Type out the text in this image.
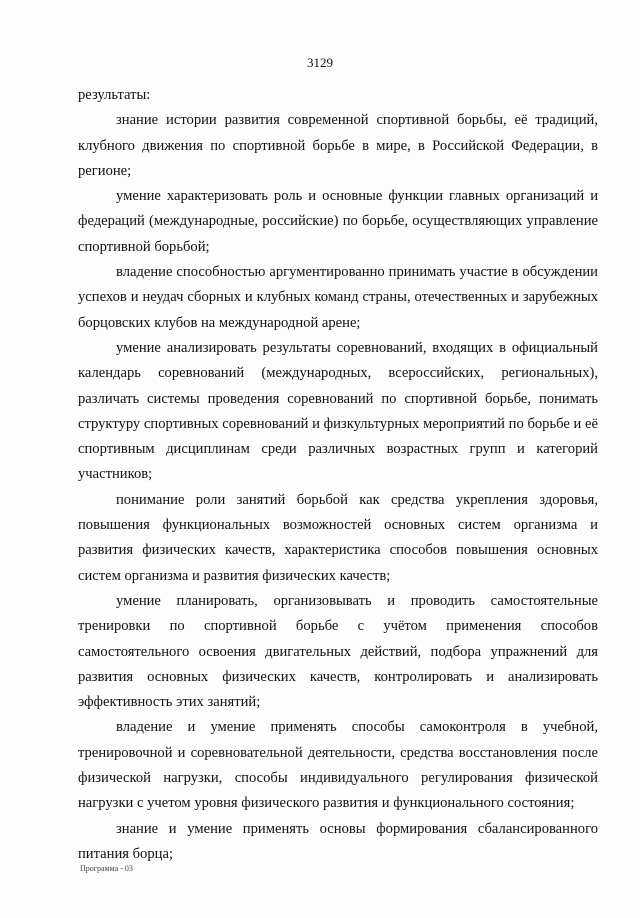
3129

результаты:

знание истории развития современной спортивной борьбы, её традиций, клубного движения по спортивной борьбе в мире, в Российской Федерации, в регионе;

умение характеризовать роль и основные функции главных организаций и федераций (международные, российские) по борьбе, осуществляющих управление спортивной борьбой;

владение способностью аргументированно принимать участие в обсуждении успехов и неудач сборных и клубных команд страны, отечественных и зарубежных борцовских клубов на международной арене;

умение анализировать результаты соревнований, входящих в официальный календарь соревнований (международных, всероссийских, региональных), различать системы проведения соревнований по спортивной борьбе, понимать структуру спортивных соревнований и физкультурных мероприятий по борьбе и её спортивным дисциплинам среди различных возрастных групп и категорий участников;

понимание роли занятий борьбой как средства укрепления здоровья, повышения функциональных возможностей основных систем организма и развития физических качеств, характеристика способов повышения основных систем организма и развития физических качеств;

умение планировать, организовывать и проводить самостоятельные тренировки по спортивной борьбе с учётом применения способов самостоятельного освоения двигательных действий, подбора упражнений для развития основных физических качеств, контролировать и анализировать эффективность этих занятий;

владение и умение применять способы самоконтроля в учебной, тренировочной и соревновательной деятельности, средства восстановления после физической нагрузки, способы индивидуального регулирования физической нагрузки с учетом уровня физического развития и функционального состояния;

знание и умение применять основы формирования сбалансированного питания борца;

Программа - 03
